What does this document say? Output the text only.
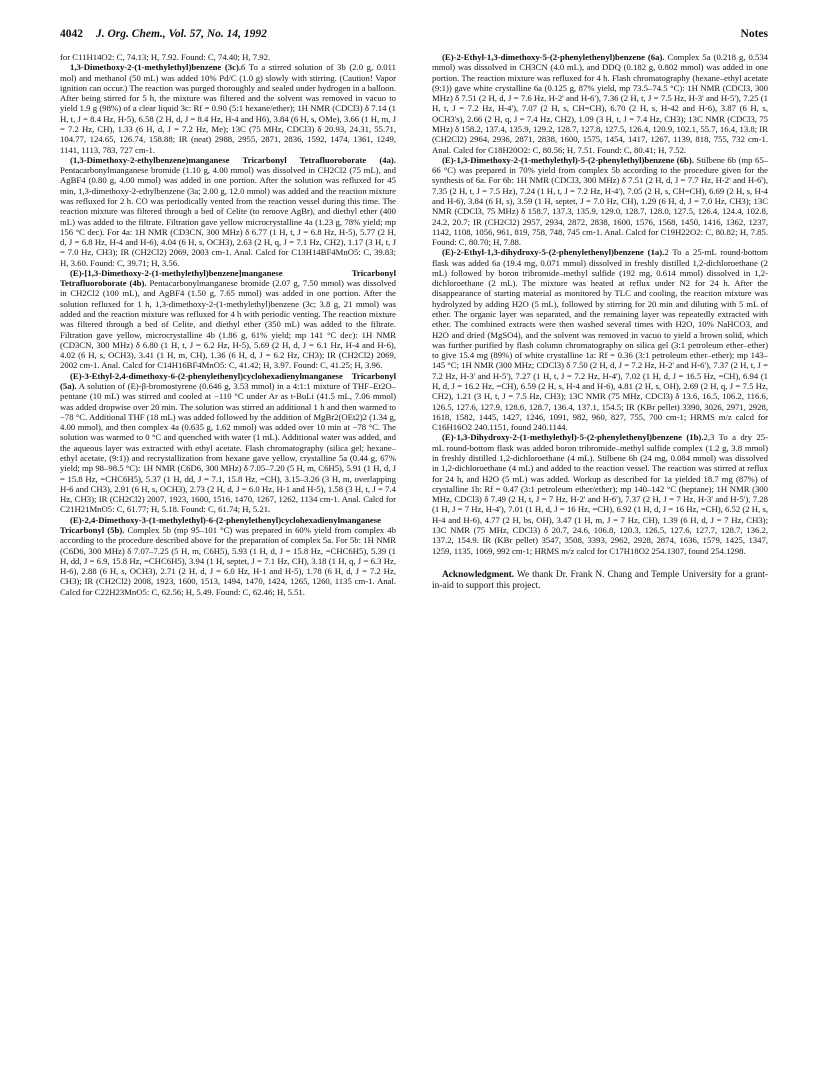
4042 J. Org. Chem., Vol. 57, No. 14, 1992	Notes

for C11H14O2: C, 74.13; H, 7.92. Found: C, 74.40; H, 7.92.

1,3-Dimethoxy-2-(1-methylethyl)benzene (3c).6 To a stirred solution of 3b (2.0 g, 0.011 mol) and methanol (50 mL) was added 10% Pd/C (1.0 g) slowly with stirring. (Caution! Vapor ignition can occur.) The reaction was purged thoroughly and sealed under hydrogen in a balloon. After being stirred for 5 h, the mixture was filtered and the solvent was removed in vacuo to yield 1.9 g (98%) of a clear liquid 3c: Rf = 0.90 (5:1 hexane/ether); 1H NMR (CDCl3) δ 7.14 (1 H, t, J = 8.4 Hz, H-5), 6.58 (2 H, d, J = 8.4 Hz, H-4 and H6), 3.84 (6 H, s, OMe), 3.66 (1 H, m, J = 7.2 Hz, CH), 1.33 (6 H, d, J = 7.2 Hz, Me); 13C (75 MHz, CDCl3) δ 20.93, 24.31, 55.71, 104.77, 124.65, 126.74, 158.88; IR (neat) 2988, 2955, 2871, 2836, 1592, 1474, 1361, 1249, 1141, 1113, 783, 727 cm-1.

(1,3-Dimethoxy-2-ethylbenzene)manganese Tricarbonyl Tetrafluoroborate (4a). Pentacarbonylmanganese bromide (1.10 g, 4.00 mmol) was dissolved in CH2Cl2 (75 mL), and AgBF4 (0.80 g, 4.00 mmol) was added in one portion. After the solution was refluxed for 45 min, 1,3-dimethoxy-2-ethylbenzene (3a; 2.00 g, 12.0 mmol) was added and the reaction mixture was refluxed for 2 h. CO was periodically vented from the reaction vessel during this time. The reaction mixture was filtered through a bed of Celite (to remove AgBr), and diethyl ether (400 mL) was added to the filtrate. Filtration gave yellow microcrystalline 4a (1.23 g, 78% yield; mp 156 °C dec). For 4a: 1H NMR (CD3CN, 300 MHz) δ 6.77 (1 H, t, J = 6.8 Hz, H-5), 5.77 (2 H, d, J = 6.8 Hz, H-4 and H-6), 4.04 (6 H, s, OCH3), 2.63 (2 H, q, J = 7.1 Hz, CH2), 1.17 (3 H, t, J = 7.0 Hz, CH3); IR (CH2Cl2) 2069, 2003 cm-1. Anal. Calcd for C13H14BF4MnO5: C, 39.83; H, 3.60. Found: C, 39.71; H, 3.56.

(E)-[1,3-Dimethoxy-2-(1-methylethyl)benzene]manganese Tricarbonyl Tetrafluoroborate (4b). Pentacarbonylmanganese bromide (2.07 g, 7.50 mmol) was dissolved in CH2Cl2 (100 mL), and AgBF4 (1.50 g, 7.65 mmol) was added in one portion. After the solution refluxed for 1 h, 1,3-dimethoxy-2-(1-methylethyl)benzene (3c; 3.8 g, 21 mmol) was added and the reaction mixture was refluxed for 4 h with periodic venting. The reaction mixture was filtered through a bed of Celite, and diethyl ether (350 mL) was added to the filtrate. Filtration gave yellow, microcrystalline 4b (1.86 g, 61% yield; mp 141 °C dec): 1H NMR (CD3CN, 300 MHz) δ 6.80 (1 H, t, J = 6.2 Hz, H-5), 5.69 (2 H, d, J = 6.1 Hz, H-4 and H-6), 4.02 (6 H, s, OCH3), 3.41 (1 H, m, CH), 1.36 (6 H, d, J = 6.2 Hz, CH3); IR (CH2Cl2) 2069, 2002 cm-1. Anal. Calcd for C14H16BF4MnO5: C, 41.42; H, 3.97. Found: C, 41.25; H, 3.96.

(E)-3-Ethyl-2,4-dimethoxy-6-(2-phenylethenyl)cyclohexadienylmanganese Tricarbonyl (5a). A solution of (E)-β-bromostyrene (0.646 g, 3.53 mmol) in a 4:1:1 mixture of THF–Et2O–pentane (10 mL) was stirred and cooled at −110 °C under Ar as t-BuLi (41.5 mL, 7.06 mmol) was added dropwise over 20 min. The solution was stirred an additional 1 h and then warmed to −78 °C. Additional THF (18 mL) was added followed by the addition of MgBr2(OEt2)2 (1.34 g, 4.00 mmol), and then complex 4a (0.635 g, 1.62 mmol) was added over 10 min at −78 °C. The solution was warmed to 0 °C and quenched with water (1 mL). Additional water was added, and the aqueous layer was extracted with ethyl acetate. Flash chromatography (silica gel; hexane–ethyl acetate, (9:1)) and recrystallization from hexane gave yellow, crystalline 5a (0.44 g, 67% yield; mp 98–98.5 °C): 1H NMR (C6D6, 300 MHz) δ 7.05–7.20 (5 H, m, C6H5), 5.91 (1 H, d, J = 15.8 Hz, =CHC6H5), 5.37 (1 H, dd, J = 7.1, 15.8 Hz, =CH), 3.15–3.26 (3 H, m, overlapping H-6 and CH3), 2.91 (6 H, s, OCH3), 2.73 (2 H, d, J = 6.0 Hz, H-1 and H-5), 1.58 (3 H, t, J = 7.4 Hz, CH3); IR (CH2Cl2) 2007, 1923, 1600, 1516, 1470, 1267, 1262, 1134 cm-1. Anal. Calcd for C21H21MnO5: C, 61.77; H, 5.18. Found: C, 61.74; H, 5.21.

(E)-2,4-Dimethoxy-3-(1-methylethyl)-6-(2-phenylethenyl)cyclohexadienylmanganese Tricarbonyl (5b). Complex 5b (mp 95–101 °C) was prepared in 60% yield from complex 4b according to the procedure described above for the preparation of complex 5a. For 5b: 1H NMR (C6D6, 300 MHz) δ 7.07–7.25 (5 H, m, C6H5), 5.93 (1 H, d, J = 15.8 Hz, =CHC6H5), 5.39 (1 H, dd, J = 6.9, 15.8 Hz, =CHC6H5), 3.94 (1 H, septet, J = 7.1 Hz, CH), 3.18 (1 H, q, J = 6.3 Hz, H-6), 2.88 (6 H, s, OCH3), 2.71 (2 H, d, J = 6.0 Hz, H-1 and H-5), 1.78 (6 H, d, J = 7.2 Hz, CH3); IR (CH2Cl2) 2008, 1923, 1600, 1513, 1494, 1470, 1424, 1265, 1260, 1135 cm-1. Anal. Calcd for C22H23MnO5: C, 62.56; H, 5.49. Found: C, 62.46; H, 5.51.

(E)-2-Ethyl-1,3-dimethoxy-5-(2-phenylethenyl)benzene (6a). Complex 5a (0.218 g, 0.534 mmol) was dissolved in CH3CN (4.0 mL), and DDQ (0.182 g, 0.802 mmol) was added in one portion. The reaction mixture was refluxed for 4 h. Flash chromatography (hexane–ethyl acetate (9:1)) gave white crystalline 6a (0.125 g, 87% yield, mp 73.5–74.5 °C): 1H NMR (CDCl3, 300 MHz) δ 7.51 (2 H, d, J = 7.6 Hz, H-2' and H-6'), 7.36 (2 H, t, J = 7.5 Hz, H-3' and H-5'), 7.25 (1 H, t, J = 7.2 Hz, H-4'), 7.07 (2 H, s, CH=CH), 6.70 (2 H, s, H-42 and H-6), 3.87 (6 H, s, OCH3's), 2.66 (2 H, q, J = 7.4 Hz, CH2), 1.09 (3 H, t, J = 7.4 Hz, CH3); 13C NMR (CDCl3, 75 MHz) δ 158.2, 137.4, 135.9, 129.2, 128.7, 127.8, 127.5, 126.4, 120.9, 102.1, 55.7, 16.4, 13.8; IR (CH2Cl2) 2964, 2936, 2871, 2838, 1600, 1575, 1454, 1417, 1267, 1139, 818, 755, 732 cm-1. Anal. Calcd for C18H20O2: C, 80.56; H, 7.51. Found: C, 80.41; H, 7.52.

(E)-1,3-Dimethoxy-2-(1-methylethyl)-5-(2-phenylethyl)benzene (6b). Stilbene 6b (mp 65–66 °C) was prepared in 70% yield from complex 5b according to the procedure given for the synthesis of 6a. For 6b: 1H NMR (CDCl3, 300 MHz) δ 7.51 (2 H, d, J = 7.7 Hz, H-2' and H-6'), 7.35 (2 H, t, J = 7.5 Hz), 7.24 (1 H, t, J = 7.2 Hz, H-4'), 7.05 (2 H, s, CH=CH), 6.69 (2 H, s, H-4 and H-6), 3.84 (6 H, s), 3.59 (1 H, septet, J = 7.0 Hz, CH), 1.29 (6 H, d, J = 7.0 Hz, CH3); 13C NMR (CDCl3, 75 MHz) δ 158.7, 137.3, 135.9, 129.0, 128.7, 128.0, 127.5, 126.4, 124.4, 102.8, 24.2, 20.7; IR (CH2Cl2) 2957, 2934, 2872, 2838, 1600, 1576, 1568, 1450, 1416, 1362, 1237, 1142, 1108, 1056, 961, 819, 758, 748, 745 cm-1. Anal. Calcd for C19H22O2: C, 80.82; H, 7.85. Found: C, 80.70; H, 7.88.

(E)-2-Ethyl-1,3-dihydroxy-5-(2-phenylethenyl)benzene (1a).2 To a 25-mL round-bottom flask was added 6a (19.4 mg, 0.071 mmol) dissolved in freshly distilled 1,2-dichloroethane (2 mL) followed by boron tribromide–methyl sulfide (192 mg, 0.614 mmol) dissolved in 1,2-dichloroethane (2 mL). The mixture was heated at reflux under N2 for 24 h. After the disappearance of starting material as monitored by TLC and cooling, the reaction mixture was hydrolyzed by adding H2O (5 mL), followed by stirring for 20 min and diluting with 5 mL of ether. The organic layer was separated, and the remaining layer was repeatedly extracted with ether. The combined extracts were then washed several times with H2O, 10% NaHCO3, and H2O and dried (MgSO4), and the solvent was removed in vacuo to yield a brown solid, which was further purified by flash column chromatography on silica gel (3:1 petroleum ether–ether) to give 15.4 mg (89%) of white crystalline 1a: Rf = 0.36 (3:1 petroleum ether–ether); mp 143–145 °C; 1H NMR (300 MHz; CDCl3) δ 7.50 (2 H, d, J = 7.2 Hz, H-2' and H-6'), 7.37 (2 H, t, J = 7.2 Hz, H-3' and H-5'), 7.27 (1 H, t, J = 7.2 Hz, H-4'), 7.02 (1 H, d, J = 16.5 Hz, =CH), 6.94 (1 H, d, J = 16.2 Hz, =CH), 6.59 (2 H, s, H-4 and H-6), 4.81 (2 H, s, OH), 2.69 (2 H, q, J = 7.5 Hz, CH2), 1.21 (3 H, t, J = 7.5 Hz, CH3); 13C NMR (75 MHz, CDCl3) δ 13.6, 16.5, 106.2, 116.6, 126.5, 127.6, 127.9, 128.6, 128.7, 136.4, 137.1, 154.5; IR (KBr pellet) 3390, 3026, 2971, 2928, 1618, 1582, 1445, 1427, 1246, 1091, 982, 960, 827, 755, 700 cm-1; HRMS m/z calcd for C16H16O2 240.1151, found 240.1144.

(E)-1,3-Dihydroxy-2-(1-methylethyl)-5-(2-phenylethenyl)benzene (1b).2,3 To a dry 25-mL round-bottom flask was added boron tribromide–methyl sulfide complex (1.2 g, 3.8 mmol) in freshly distilled 1,2-dichloroethane (4 mL). Stilbene 6b (24 mg, 0.084 mmol) was dissolved in 1,2-dichloroethane (4 mL) and added to the reaction vessel. The reaction was stirred at reflux for 24 h, and H2O (5 mL) was added. Workup as described for 1a yielded 18.7 mg (87%) of crystalline 1b: Rf = 0.47 (3:1 petroleum ether/ether); mp 140–142 °C (heptane); 1H NMR (300 MHz, CDCl3) δ 7.49 (2 H, t, J = 7 Hz, H-2' and H-6'), 7.37 (2 H, J = 7 Hz, H-3' and H-5'), 7.28 (1 H, J = 7 Hz, H-4'), 7.01 (1 H, d, J = 16 Hz, =CH), 6.92 (1 H, d, J = 16 Hz, =CH), 6.52 (2 H, s, H-4 and H-6), 4.77 (2 H, bs, OH), 3.47 (1 H, m, J = 7 Hz, CH), 1.39 (6 H, d, J = 7 Hz, CH3); 13C NMR (75 MHz, CDCl3) δ 20.7, 24.6, 106.8, 120.3, 126.5, 127.6, 127.7, 128.7, 136.2, 137.2, 154.9. IR (KBr pellet) 3547, 3508, 3393, 2962, 2928, 2874, 1636, 1579, 1425, 1347, 1259, 1135, 1069, 992 cm-1; HRMS m/z calcd for C17H18O2 254.1307, found 254.1298.

Acknowledgment. We thank Dr. Frank N. Chang and Temple University for a grant-in-aid to support this project.
